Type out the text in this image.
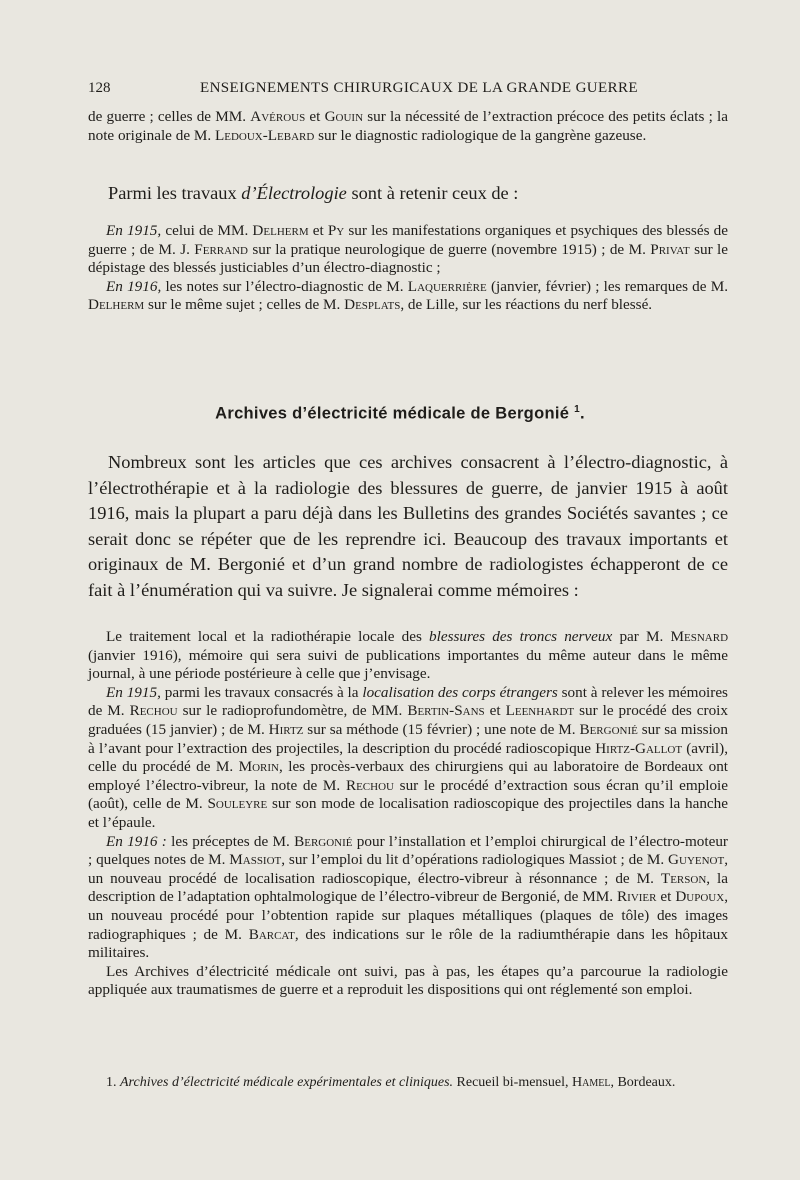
128	ENSEIGNEMENTS CHIRURGICAUX DE LA GRANDE GUERRE
de guerre ; celles de MM. Avérous et Gouin sur la nécessité de l’extraction précoce des petits éclats ; la note originale de M. Ledoux-Lebard sur le diagnostic radiologique de la gangrène gazeuse.
Parmi les travaux d’Électrologie sont à retenir ceux de :
En 1915, celui de MM. Delherm et Py sur les manifestations organiques et psychiques des blessés de guerre ; de M. J. Ferrand sur la pratique neurologique de guerre (novembre 1915) ; de M. Privat sur le dépistage des blessés justiciables d’un électro-diagnostic ;
En 1916, les notes sur l’électro-diagnostic de M. Laquerrière (janvier, février) ; les remarques de M. Delherm sur le même sujet ; celles de M. Desplats, de Lille, sur les réactions du nerf blessé.
Archives d’électricité médicale de Bergonié $^1$.
Nombreux sont les articles que ces archives consacrent à l’électro-diagnostic, à l’électrothérapie et à la radiologie des blessures de guerre, de janvier 1915 à août 1916, mais la plupart a paru déjà dans les Bulletins des grandes Sociétés savantes ; ce serait donc se répéter que de les reprendre ici. Beaucoup des travaux importants et originaux de M. Bergonié et d’un grand nombre de radiologistes échapperont de ce fait à l’énumération qui va suivre. Je signalerai comme mémoires :
Le traitement local et la radiothérapie locale des blessures des troncs nerveux par M. Mesnard (janvier 1916), mémoire qui sera suivi de publications importantes du même auteur dans le même journal, à une période postérieure à celle que j’envisage.
En 1915, parmi les travaux consacrés à la localisation des corps étrangers sont à relever les mémoires de M. Rechou sur le radioprofundomètre, de MM. Bertin-Sans et Leenhardt sur le procédé des croix graduées (15 janvier) ; de M. Hirtz sur sa méthode (15 février) ; une note de M. Bergonié sur sa mission à l’avant pour l’extraction des projectiles, la description du procédé radioscopique Hirtz-Gallot (avril), celle du procédé de M. Morin, les procès-verbaux des chirurgiens qui au laboratoire de Bordeaux ont employé l’électro-vibreur, la note de M. Rechou sur le procédé d’extraction sous écran qu’il emploie (août), celle de M. Souleyre sur son mode de localisation radioscopique des projectiles dans la hanche et l’épaule.
En 1916 : les préceptes de M. Bergonié pour l’installation et l’emploi chirurgical de l’électro-moteur ; quelques notes de M. Massiot, sur l’emploi du lit d’opérations radiologiques Massiot ; de M. Guyenot, un nouveau procédé de localisation radioscopique, électro-vibreur à résonnance ; de M. Terson, la description de l’adaptation ophtalmologique de l’électro-vibreur de Bergonié, de MM. Rivier et Dupoux, un nouveau procédé pour l’obtention rapide sur plaques métalliques (plaques de tôle) des images radiographiques ; de M. Barcat, des indications sur le rôle de la radiumthérapie dans les hôpitaux militaires.
Les Archives d’électricité médicale ont suivi, pas à pas, les étapes qu’a parcourue la radiologie appliquée aux traumatismes de guerre et a reproduit les dispositions qui ont réglementé son emploi.
1. Archives d’électricité médicale expérimentales et cliniques. Recueil bi-mensuel, Hamel, Bordeaux.
